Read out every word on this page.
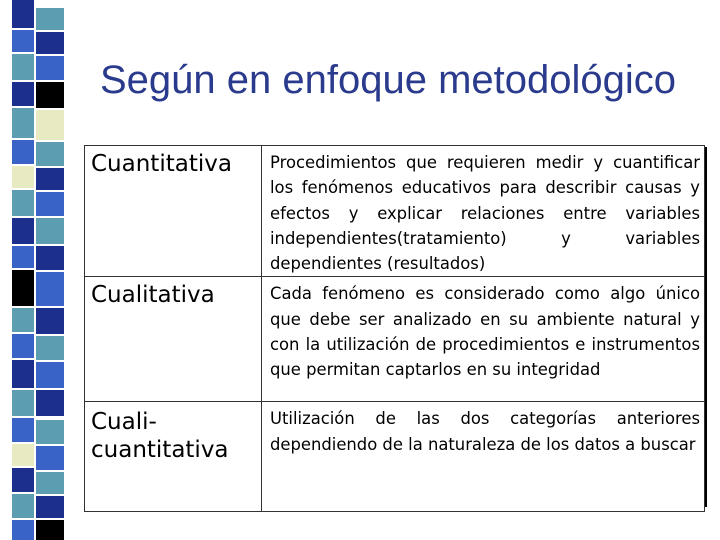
Según en enfoque metodológico
Cuantitativa	Procedimientos que requieren medir y cuantificar los fenómenos educativos para describir causas y efectos y explicar relaciones entre variables independientes(tratamiento) y variables dependientes (resultados)
Cualitativa	Cada fenómeno es considerado como algo único que debe ser analizado en su ambiente natural y con la utilización de procedimientos e instrumentos que permitan captarlos en su integridad
Cuali-cuantitativa	Utilización de las dos categorías anteriores dependiendo de la naturaleza de los datos a buscar
